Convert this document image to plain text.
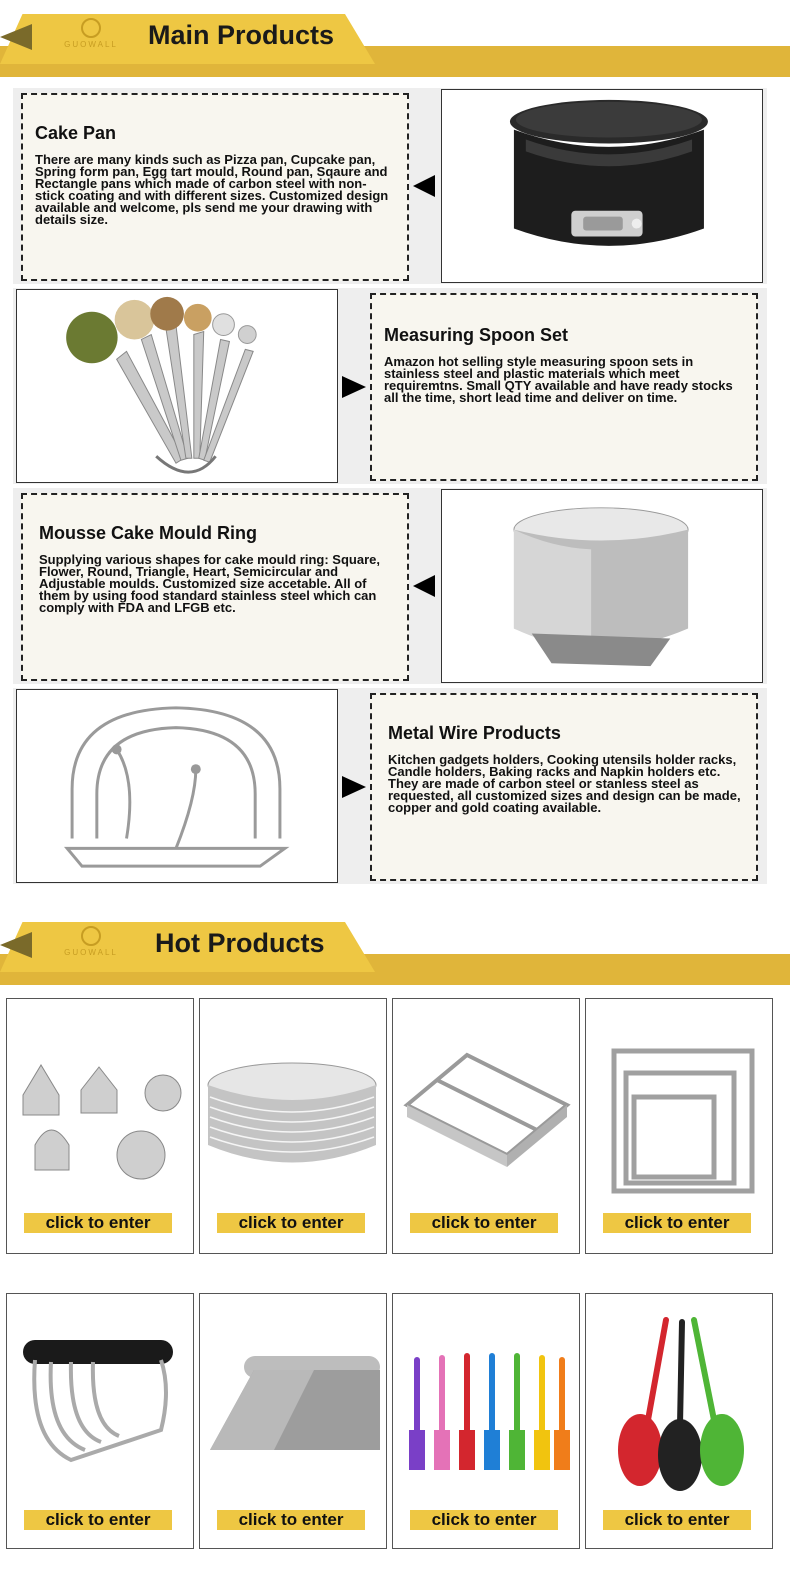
GUOWALL	Main Products
Cake Pan

There are many kinds such as Pizza pan, Cupcake pan, Spring form pan, Egg tart mould, Round pan, Sqaure and Rectangle pans which made of carbon steel with non-stick coating and with different sizes. Customized design available and welcome, pls send me your drawing with details size.

Measuring Spoon Set

Amazon hot selling style measuring spoon sets in stainless steel and plastic materials which meet requiremtns. Small QTY available and have ready stocks all the time, short lead time and deliver on time.

Mousse Cake Mould Ring

Supplying various shapes for cake mould ring: Square, Flower, Round, Triangle, Heart, Semicircular and Adjustable moulds. Customized size accetable. All of them by using food standard stainless steel which can comply with FDA and LFGB etc.

Metal Wire Products

Kitchen gadgets holders, Cooking utensils holder racks, Candle holders, Baking racks and Napkin holders etc. They are made of carbon steel or stanless steel as requested, all customized sizes and design can be made, copper and gold coating available.

GUOWALL	Hot Products
click to enter	click to enter	click to enter	click to enter
click to enter	click to enter	click to enter	click to enter
